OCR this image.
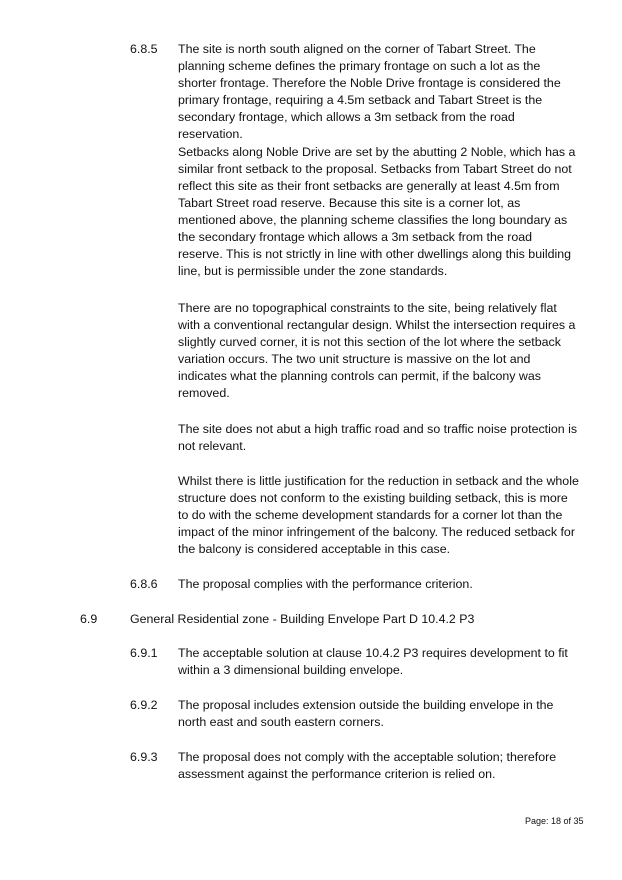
6.8.5 The site is north south aligned on the corner of Tabart Street. The planning scheme defines the primary frontage on such a lot as the shorter frontage. Therefore the Noble Drive frontage is considered the primary frontage, requiring a 4.5m setback and Tabart Street is the secondary frontage, which allows a 3m setback from the road reservation.

Setbacks along Noble Drive are set by the abutting 2 Noble, which has a similar front setback to the proposal. Setbacks from Tabart Street do not reflect this site as their front setbacks are generally at least 4.5m from Tabart Street road reserve. Because this site is a corner lot, as mentioned above, the planning scheme classifies the long boundary as the secondary frontage which allows a 3m setback from the road reserve. This is not strictly in line with other dwellings along this building line, but is permissible under the zone standards.

There are no topographical constraints to the site, being relatively flat with a conventional rectangular design. Whilst the intersection requires a slightly curved corner, it is not this section of the lot where the setback variation occurs. The two unit structure is massive on the lot and indicates what the planning controls can permit, if the balcony was removed.

The site does not abut a high traffic road and so traffic noise protection is not relevant.

Whilst there is little justification for the reduction in setback and the whole structure does not conform to the existing building setback, this is more to do with the scheme development standards for a corner lot than the impact of the minor infringement of the balcony. The reduced setback for the balcony is considered acceptable in this case.

6.8.6 The proposal complies with the performance criterion.

6.9	General Residential zone - Building Envelope Part D 10.4.2 P3
6.9.1 The acceptable solution at clause 10.4.2 P3 requires development to fit within a 3 dimensional building envelope.

6.9.2 The proposal includes extension outside the building envelope in the north east and south eastern corners.

6.9.3 The proposal does not comply with the acceptable solution; therefore assessment against the performance criterion is relied on.

Page: 18 of 35
